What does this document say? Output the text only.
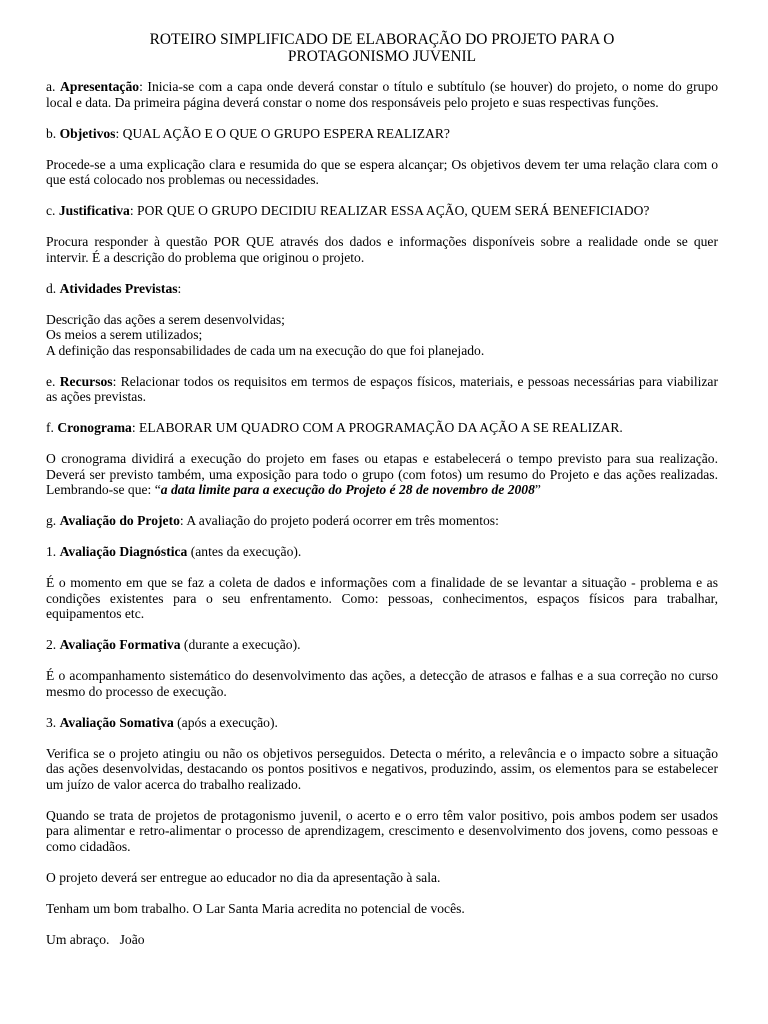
ROTEIRO SIMPLIFICADO DE ELABORAÇÃO DO PROJETO PARA O
PROTAGONISMO JUVENIL

a. Apresentação: Inicia-se com a capa onde deverá constar o título e subtítulo (se houver) do projeto, o nome do grupo local e data. Da primeira página deverá constar o nome dos responsáveis pelo projeto e suas respectivas funções.

b. Objetivos: QUAL AÇÃO E O QUE O GRUPO ESPERA REALIZAR?

Procede-se a uma explicação clara e resumida do que se espera alcançar; Os objetivos devem ter uma relação clara com o que está colocado nos problemas ou necessidades.

c. Justificativa: POR QUE O GRUPO DECIDIU REALIZAR ESSA AÇÃO, QUEM SERÁ BENEFICIADO?

Procura responder à questão POR QUE através dos dados e informações disponíveis sobre a realidade onde se quer intervir. É a descrição do problema que originou o projeto.

d. Atividades Previstas:

Descrição das ações a serem desenvolvidas;
Os meios a serem utilizados;
A definição das responsabilidades de cada um na execução do que foi planejado.

e. Recursos: Relacionar todos os requisitos em termos de espaços físicos, materiais, e pessoas necessárias para viabilizar as ações previstas.

f. Cronograma: ELABORAR UM QUADRO COM A PROGRAMAÇÃO DA AÇÃO A SE REALIZAR.

O cronograma dividirá a execução do projeto em fases ou etapas e estabelecerá o tempo previsto para sua realização. Deverá ser previsto também, uma exposição para todo o grupo (com fotos) um resumo do Projeto e das ações realizadas. Lembrando-se que: “a data limite para a execução do Projeto é 28 de novembro de 2008”

g. Avaliação do Projeto: A avaliação do projeto poderá ocorrer em três momentos:

1. Avaliação Diagnóstica (antes da execução).

É o momento em que se faz a coleta de dados e informações com a finalidade de se levantar a situação - problema e as condições existentes para o seu enfrentamento. Como: pessoas, conhecimentos, espaços físicos para trabalhar, equipamentos etc.

2. Avaliação Formativa (durante a execução).

É o acompanhamento sistemático do desenvolvimento das ações, a detecção de atrasos e falhas e a sua correção no curso mesmo do processo de execução.

3. Avaliação Somativa (após a execução).

Verifica se o projeto atingiu ou não os objetivos perseguidos. Detecta o mérito, a relevância e o impacto sobre a situação das ações desenvolvidas, destacando os pontos positivos e negativos, produzindo, assim, os elementos para se estabelecer um juízo de valor acerca do trabalho realizado.

Quando se trata de projetos de protagonismo juvenil, o acerto e o erro têm valor positivo, pois ambos podem ser usados para alimentar e retro-alimentar o processo de aprendizagem, crescimento e desenvolvimento dos jovens, como pessoas e como cidadãos.

O projeto deverá ser entregue ao educador no dia da apresentação à sala.

Tenham um bom trabalho. O Lar Santa Maria acredita no potencial de vocês.

Um abraço.   João
